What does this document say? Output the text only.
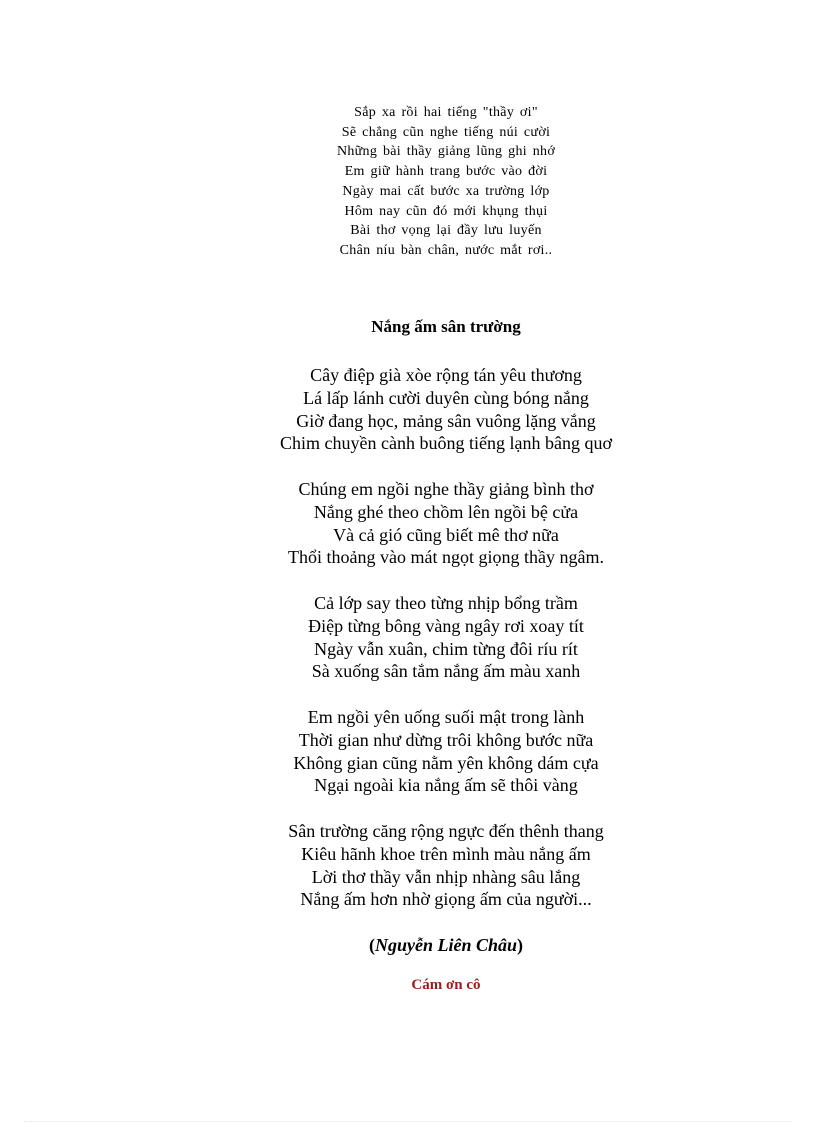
Sắp xa rồi hai tiếng "thầy ơi"
Sẽ chẳng cũn nghe tiếng núi cười
Những bài thầy giảng lũng ghi nhớ
Em giữ hành trang bước vào đời
Ngày mai cất bước xa trường lớp
Hôm nay cũn đó mới khụng thụi
Bài thơ vọng lại đầy lưu luyến
Chân níu bàn chân, nước mắt rơi..
Nắng ấm sân trường
Cây điệp già xòe rộng tán yêu thương
Lá lấp lánh cười duyên cùng bóng nắng
Giờ đang học, mảng sân vuông lặng vắng
Chim chuyền cành buông tiếng lạnh bâng quơ
Chúng em ngồi nghe thầy giảng bình thơ
Nắng ghé theo chồm lên ngồi bệ cửa
Và cả gió cũng biết mê thơ nữa
Thổi thoảng vào mát ngọt giọng thầy ngâm.
Cả lớp say theo từng nhịp bổng trầm
Điệp từng bông vàng ngây rơi xoay tít
Ngày vẫn xuân, chim từng đôi ríu rít
Sà xuống sân tắm nắng ấm màu xanh
Em ngồi yên uống suối mật trong lành
Thời gian như dừng trôi không bước nữa
Không gian cũng nằm yên không dám cựa
Ngại ngoài kia nắng ấm sẽ thôi vàng
Sân trường căng rộng ngực đến thênh thang
Kiêu hãnh khoe trên mình màu nắng ấm
Lời thơ thầy vẫn nhịp nhàng sâu lắng
Nắng ấm hơn nhờ giọng ấm của người...
(Nguyễn Liên Châu)
Cám ơn cô
